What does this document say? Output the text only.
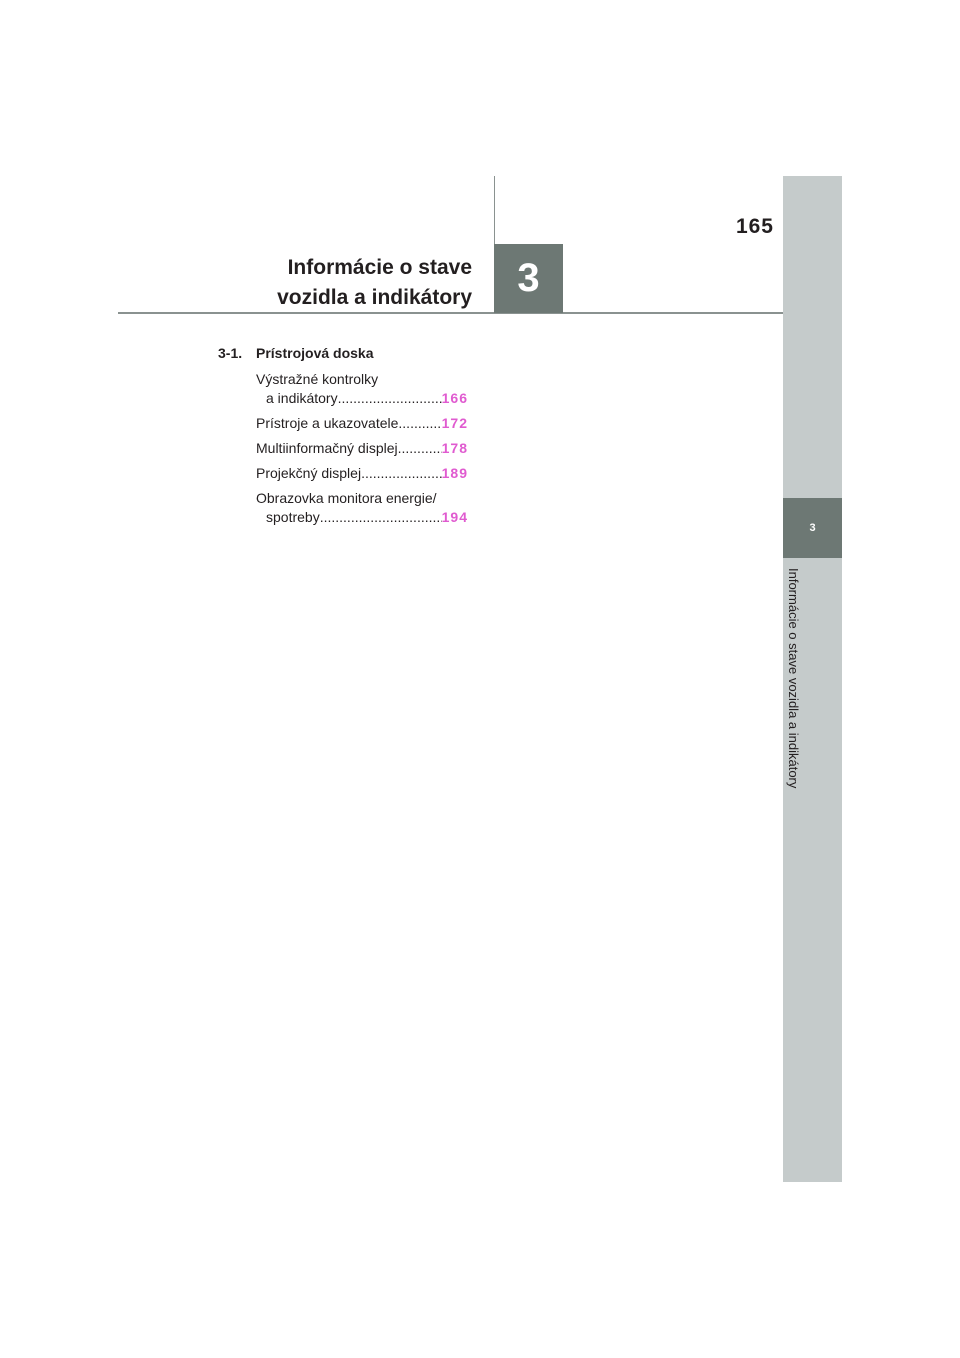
3
Informácie o stave vozidla a indikátory
165
Informácie o stave
vozidla a indikátory	3
3-1. Prístrojová doska
Výstražné kontrolky
a indikátory .....	166
Prístroje a ukazovatele .....	172
Multiinformačný displej .....	178
Projekčný displej .....	189
Obrazovka monitora energie/
spotreby .....	194
